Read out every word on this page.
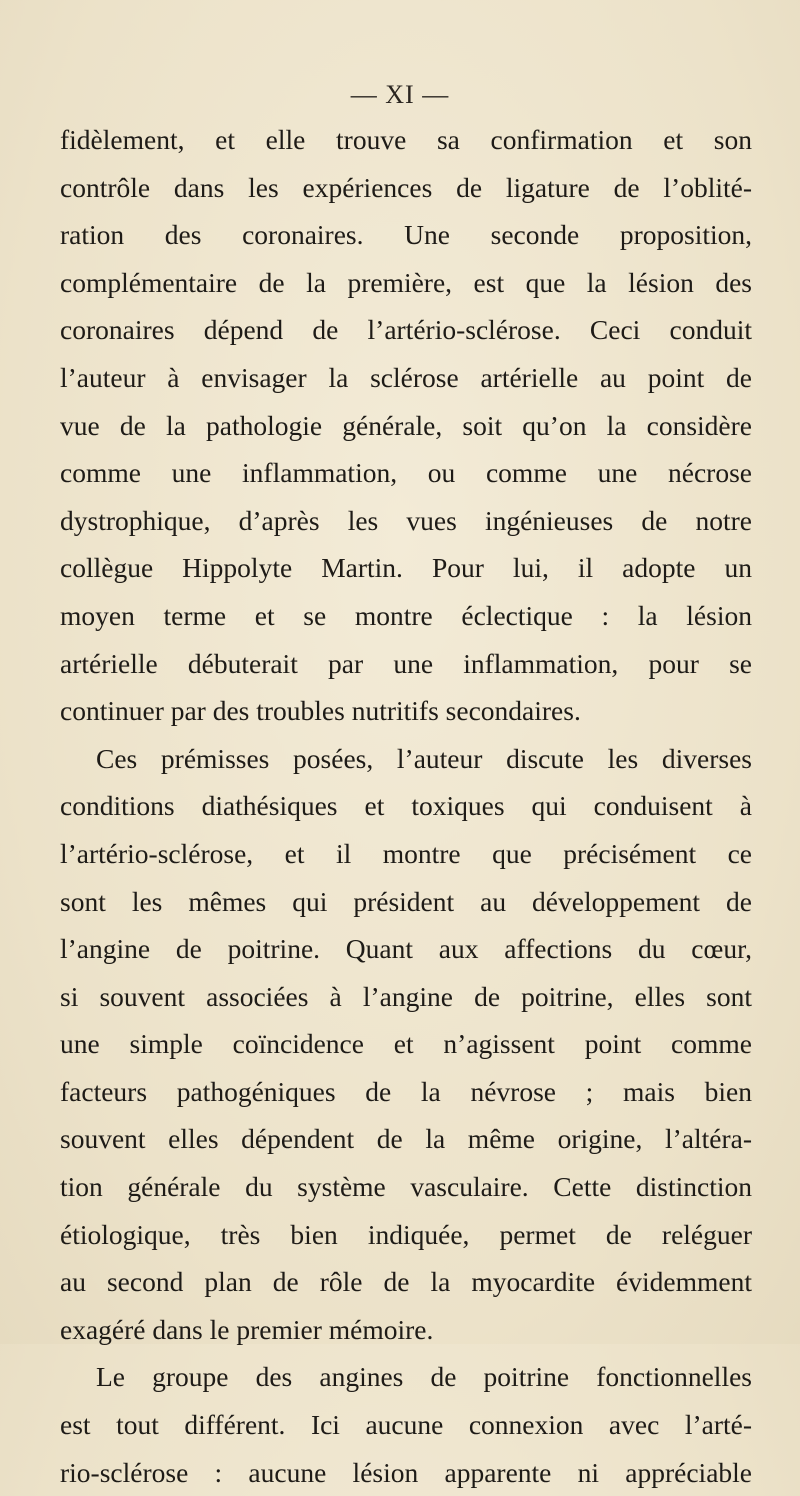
— XI —
fidèlement, et elle trouve sa confirmation et son
contrôle dans les expériences de ligature de l’oblité-
ration des coronaires. Une seconde proposition,
complémentaire de la première, est que la lésion des
coronaires dépend de l’artério-sclérose. Ceci conduit
l’auteur à envisager la sclérose artérielle au point de
vue de la pathologie générale, soit qu’on la considère
comme une inflammation, ou comme une nécrose
dystrophique, d’après les vues ingénieuses de notre
collègue Hippolyte Martin. Pour lui, il adopte un
moyen terme et se montre éclectique : la lésion
artérielle débuterait par une inflammation, pour se
continuer par des troubles nutritifs secondaires.
Ces prémisses posées, l’auteur discute les diverses
conditions diathésiques et toxiques qui conduisent à
l’artério-sclérose, et il montre que précisément ce
sont les mêmes qui président au développement de
l’angine de poitrine. Quant aux affections du cœur,
si souvent associées à l’angine de poitrine, elles sont
une simple coïncidence et n’agissent point comme
facteurs pathogéniques de la névrose ; mais bien
souvent elles dépendent de la même origine, l’altéra-
tion générale du système vasculaire. Cette distinction
étiologique, très bien indiquée, permet de reléguer
au second plan de rôle de la myocardite évidemment
exagéré dans le premier mémoire.
Le groupe des angines de poitrine fonctionnelles
est tout différent. Ici aucune connexion avec l’arté-
rio-sclérose : aucune lésion apparente ni appréciable
